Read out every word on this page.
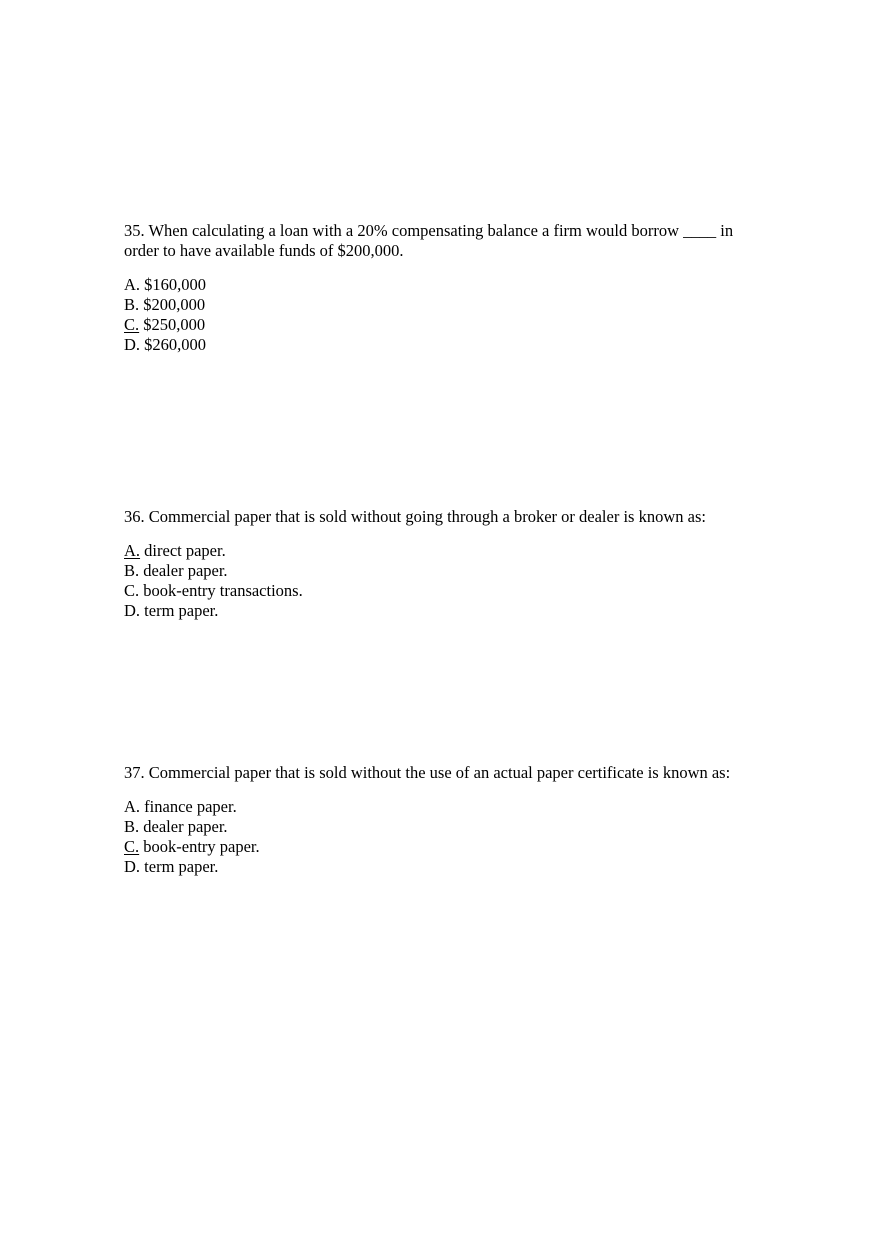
35. When calculating a loan with a 20% compensating balance a firm would borrow ____ in order to have available funds of $200,000.

A. $160,000
B. $200,000
C. $250,000
D. $260,000

36. Commercial paper that is sold without going through a broker or dealer is known as:

A. direct paper.
B. dealer paper.
C. book-entry transactions.
D. term paper.

37. Commercial paper that is sold without the use of an actual paper certificate is known as:

A. finance paper.
B. dealer paper.
C. book-entry paper.
D. term paper.
